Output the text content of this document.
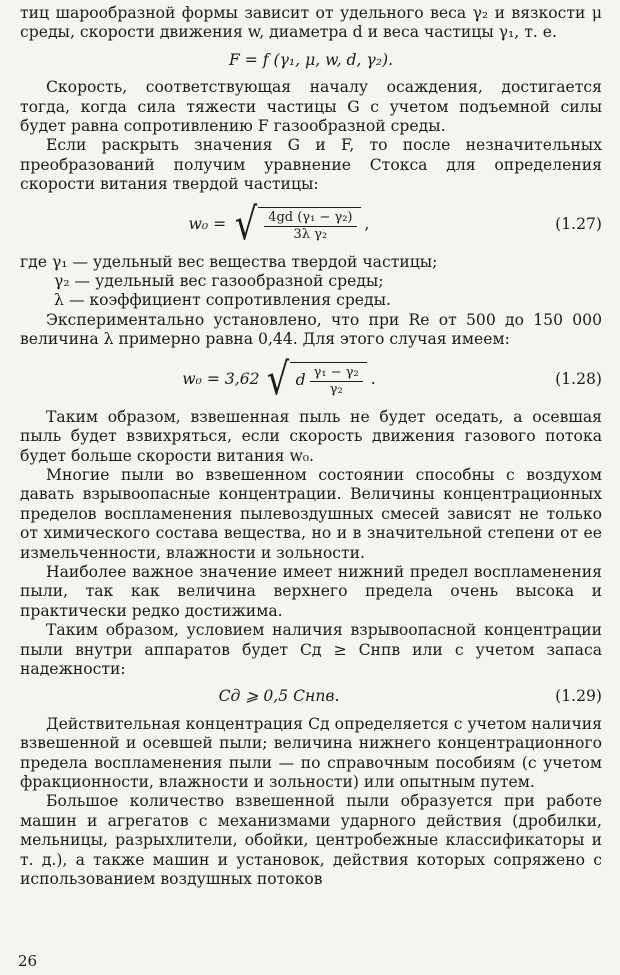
тиц шарообразной формы зависит от удельного веса γ₂ и вязкости μ среды, скорости движения w, диаметра d и веса частицы γ₁, т. е.

F = f (γ₁, μ, w, d, γ₂).

Скорость, соответствующая началу осаждения, достигается тогда, когда сила тяжести частицы G с учетом подъемной силы будет равна сопротивлению F газообразной среды.

Если раскрыть значения G и F, то после незначительных преобразований получим уравнение Стокса для определения скорости витания твердой частицы:

w₀ = √ $\frac{\text{4gd (γ₁ − γ₂)}}{\text{3λ γ₂}}$ ,	(1.27)
где γ₁ — удельный вес вещества твердой частицы;
γ₂ — удельный вес газообразной среды;
λ — коэффициент сопротивления среды.

Экспериментально установлено, что при Re от 500 до 150 000 величина λ примерно равна 0,44. Для этого случая имеем:

w₀ = 3,62 √ d $\frac{\text{γ₁ − γ₂}}{\text{γ₂}}$ .	(1.28)

Таким образом, взвешенная пыль не будет оседать, а осевшая пыль будет взвихряться, если скорость движения газового потока будет больше скорости витания w₀.

Многие пыли во взвешенном состоянии способны с воздухом давать взрывоопасные концентрации. Величины концентрационных пределов воспламенения пылевоздушных смесей зависят не только от химического состава вещества, но и в значительной степени от ее измельченности, влажности и зольности.

Наиболее важное значение имеет нижний предел воспламенения пыли, так как величина верхнего предела очень высока и практически редко достижима.

Таким образом, условием наличия взрывоопасной концентрации пыли внутри аппаратов будет Cд ≥ Cнпв или с учетом запаса надежности:

Cд ⩾ 0,5 Cнпв.	(1.29)

Действительная концентрация Cд определяется с учетом наличия взвешенной и осевшей пыли; величина нижнего концентрационного предела воспламенения пыли — по справочным пособиям (с учетом фракционности, влажности и зольности) или опытным путем.

Большое количество взвешенной пыли образуется при работе машин и агрегатов с механизмами ударного действия (дробилки, мельницы, разрыхлители, обойки, центробежные классификаторы и т. д.), а также машин и установок, действия которых сопряжено с использованием воздушных потоков

26
